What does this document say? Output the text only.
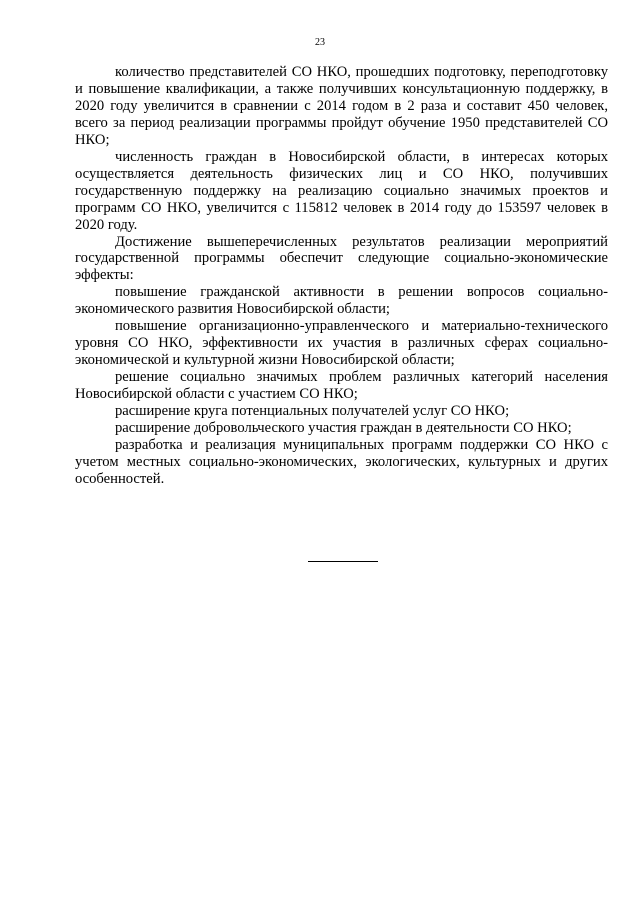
23

количество представителей СО НКО, прошедших подготовку, переподготовку и повышение квалификации, а также получивших консультационную поддержку, в 2020 году увеличится в сравнении с 2014 годом в 2 раза и составит 450 человек, всего за период реализации программы пройдут обучение 1950 представителей СО НКО;

численность граждан в Новосибирской области, в интересах которых осуществляется деятельность физических лиц и СО НКО, получивших государственную поддержку на реализацию социально значимых проектов и программ СО НКО, увеличится с 115812 человек в 2014 году до 153597 человек в 2020 году.

Достижение вышеперечисленных результатов реализации мероприятий государственной программы обеспечит следующие социально-экономические эффекты:

повышение гражданской активности в решении вопросов социально-экономического развития Новосибирской области;

повышение организационно-управленческого и материально-технического уровня СО НКО, эффективности их участия в различных сферах социально-экономической и культурной жизни Новосибирской области;

решение социально значимых проблем различных категорий населения Новосибирской области с участием СО НКО;

расширение круга потенциальных получателей услуг СО НКО;

расширение добровольческого участия граждан в деятельности СО НКО;

разработка и реализация муниципальных программ поддержки СО НКО с учетом местных социально-экономических, экологических, культурных и других особенностей.
